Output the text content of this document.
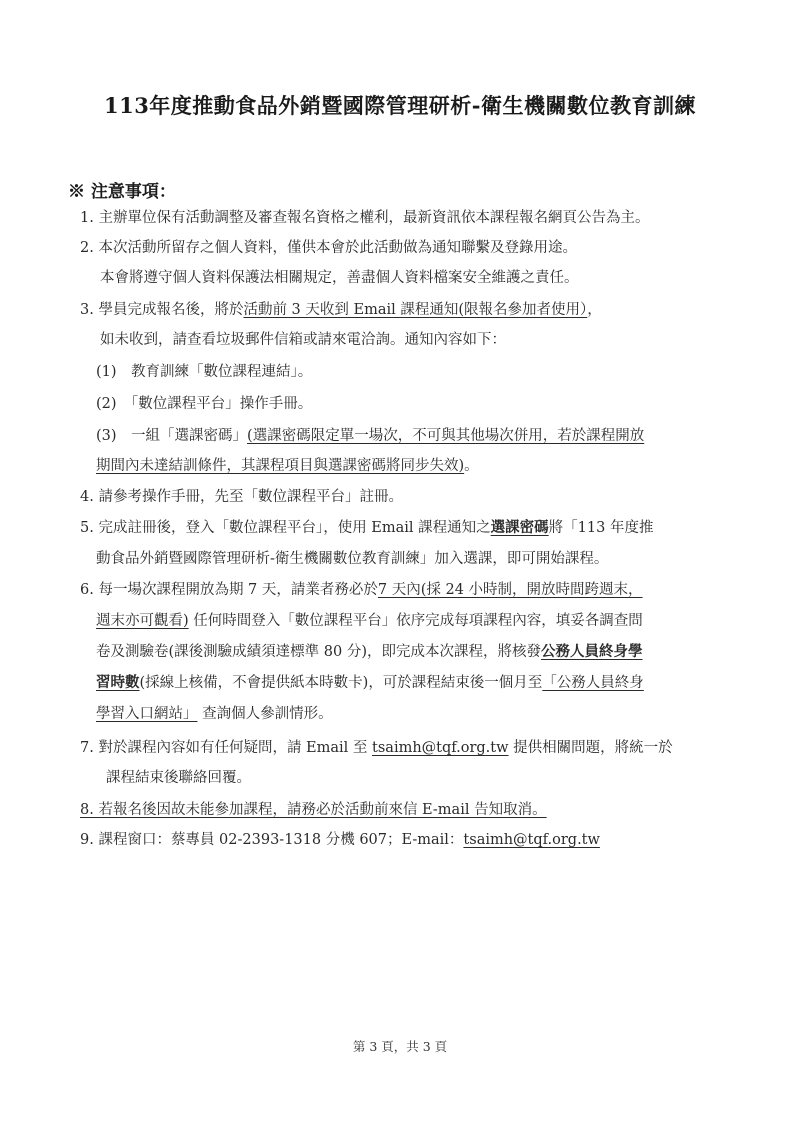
113年度推動食品外銷暨國際管理研析-衛生機關數位教育訓練
※ 注意事項：
1. 主辦單位保有活動調整及審查報名資格之權利，最新資訊依本課程報名網頁公告為主。
2. 本次活動所留存之個人資料，僅供本會於此活動做為通知聯繫及登錄用途。
本會將遵守個人資料保護法相關規定，善盡個人資料檔案安全維護之責任。
3. 學員完成報名後，將於活動前 3 天收到 Email 課程通知(限報名參加者使用），
如未收到，請查看垃圾郵件信箱或請來電洽詢。通知內容如下：
(1)　教育訓練「數位課程連結」。
(2)　「數位課程平台」操作手冊。
(3)　一組「選課密碼」(選課密碼限定單一場次，不可與其他場次併用，若於課程開放
期間內未達結訓條件，其課程項目與選課密碼將同步失效)。
4. 請參考操作手冊，先至「數位課程平台」註冊。
5. 完成註冊後，登入「數位課程平台」，使用 Email 課程通知之選課密碼將「113 年度推
動食品外銷暨國際管理研析-衛生機關數位教育訓練」加入選課，即可開始課程。
6. 每一場次課程開放為期 7 天，請業者務必於7 天內(採 24 小時制，開放時間跨週末，
週末亦可觀看) 任何時間登入「數位課程平台」依序完成每項課程內容，填妥各調查問
卷及測驗卷(課後測驗成績須達標準 80 分)，即完成本次課程，將核發公務人員終身學
習時數(採線上核備，不會提供紙本時數卡)，可於課程結束後一個月至「公務人員終身
學習入口網站」 查詢個人參訓情形。
7. 對於課程內容如有任何疑問，請 Email 至 tsaimh@tqf.org.tw 提供相關問題，將統一於
課程結束後聯絡回覆。
8. 若報名後因故未能參加課程，請務必於活動前來信 E-mail 告知取消。
9. 課程窗口：蔡專員 02-2393-1318 分機 607；E-mail：tsaimh@tqf.org.tw
第 3 頁，共 3 頁
